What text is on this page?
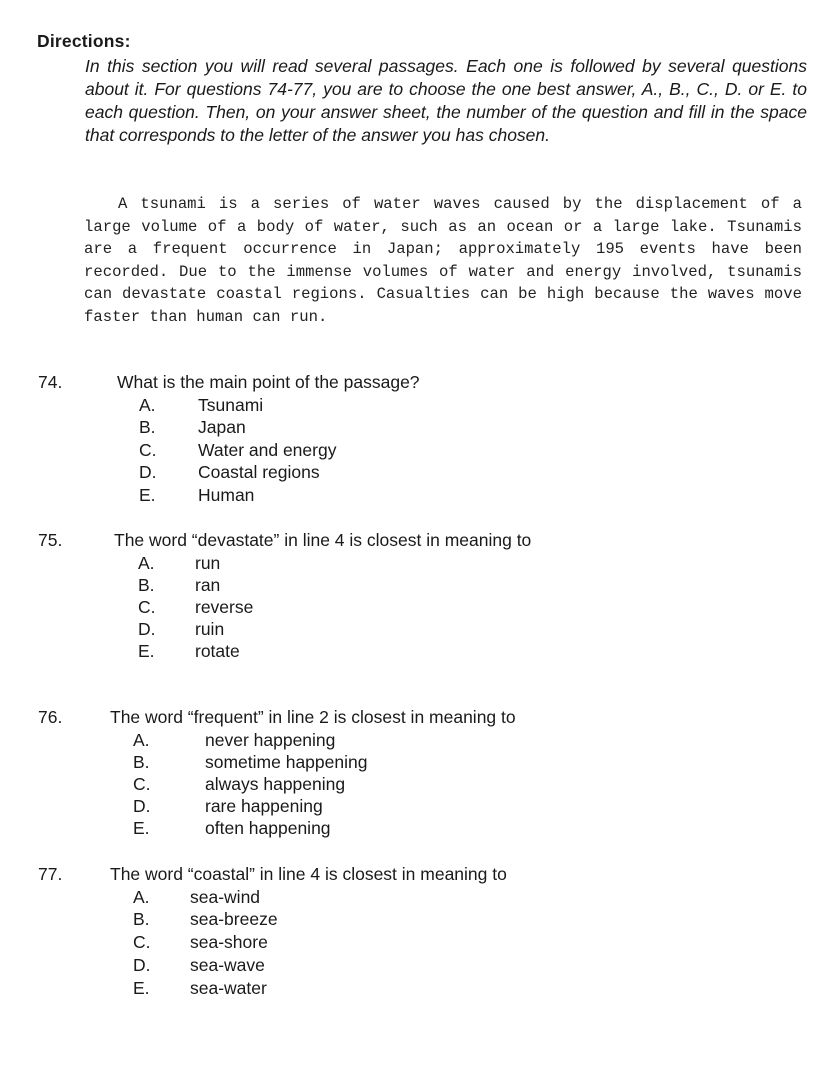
Directions:

In this section you will read several passages. Each one is followed by several questions about it. For questions 74-77, you are to choose the one best answer, A., B., C., D. or E. to each question. Then, on your answer sheet, the number of the question and fill in the space that corresponds to the letter of the answer you has chosen.

A tsunami is a series of water waves caused by the displacement of a large volume of a body of water, such as an ocean or a large lake. Tsunamis are a frequent occurrence in Japan; approximately 195 events have been recorded. Due to the immense volumes of water and energy involved, tsunamis can devastate coastal regions. Casualties can be high because the waves move faster than human can run.

74.	What is the main point of the passage?
A. Tsunami
B. Japan
C. Water and energy
D. Coastal regions
E. Human
75.	The word “devastate” in line 4 is closest in meaning to
A. run
B. ran
C. reverse
D. ruin
E. rotate
76.	The word “frequent” in line 2 is closest in meaning to
A.	never happening
B.	sometime happening
C.	always happening
D.	rare happening
E.	often happening
77.	The word “coastal” in line 4 is closest in meaning to
A. sea-wind
B. sea-breeze
C. sea-shore
D. sea-wave
E. sea-water
